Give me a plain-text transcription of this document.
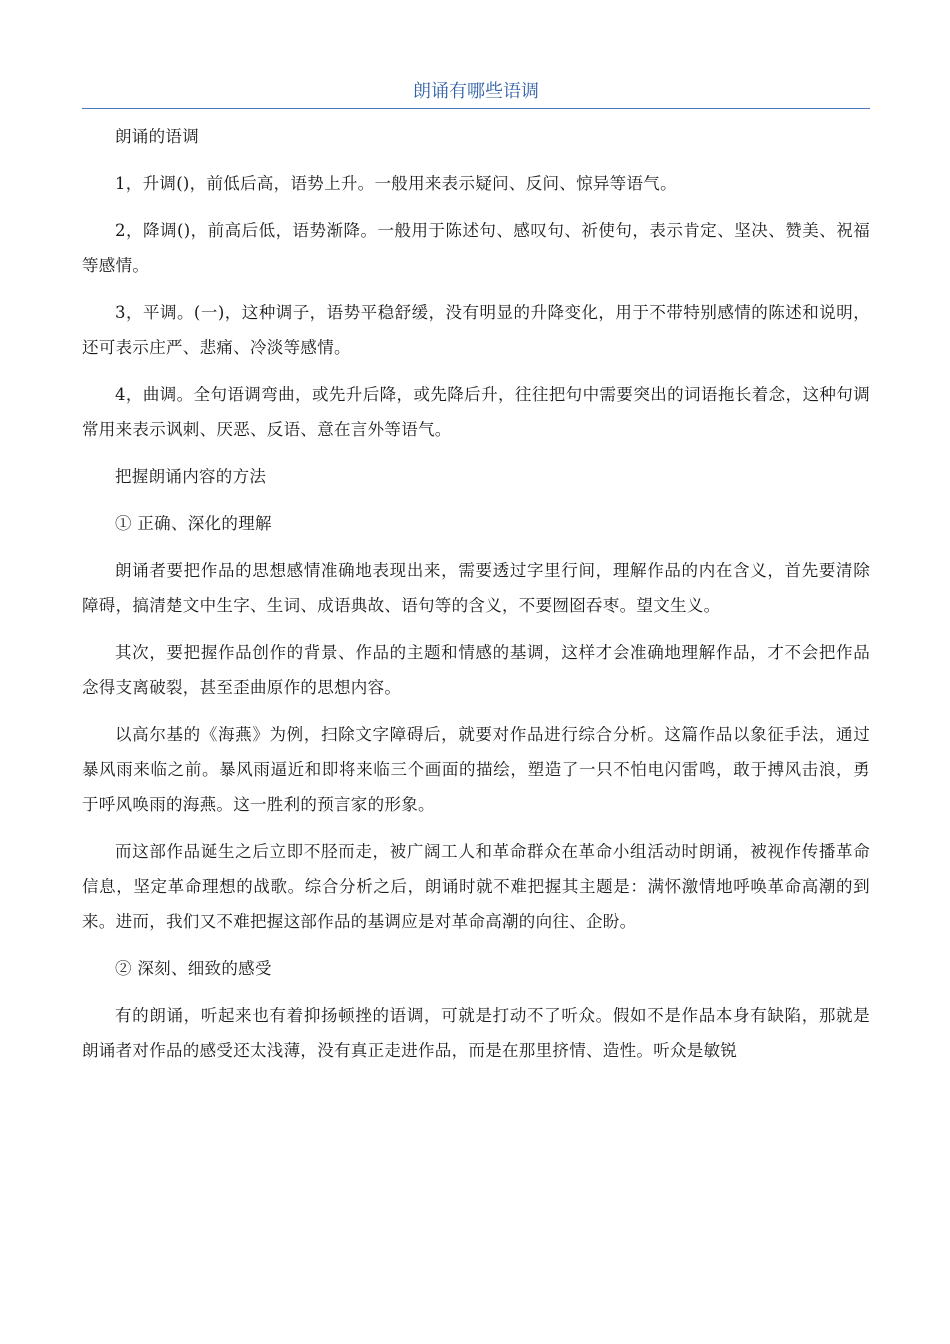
朗诵有哪些语调

朗诵的语调

1，升调()，前低后高，语势上升。一般用来表示疑问、反问、惊异等语气。

2，降调()，前高后低，语势渐降。一般用于陈述句、感叹句、祈使句，表示肯定、坚决、赞美、祝福等感情。

3，平调。(一)，这种调子，语势平稳舒缓，没有明显的升降变化，用于不带特别感情的陈述和说明，还可表示庄严、悲痛、冷淡等感情。

4，曲调。全句语调弯曲，或先升后降，或先降后升，往往把句中需要突出的词语拖长着念，这种句调常用来表示讽刺、厌恶、反语、意在言外等语气。

把握朗诵内容的方法

① 正确、深化的理解

朗诵者要把作品的思想感情准确地表现出来，需要透过字里行间，理解作品的内在含义，首先要清除障碍，搞清楚文中生字、生词、成语典故、语句等的含义，不要囫囵吞枣。望文生义。

其次，要把握作品创作的背景、作品的主题和情感的基调，这样才会准确地理解作品，才不会把作品念得支离破裂，甚至歪曲原作的思想内容。

以高尔基的《海燕》为例，扫除文字障碍后，就要对作品进行综合分析。这篇作品以象征手法，通过暴风雨来临之前。暴风雨逼近和即将来临三个画面的描绘，塑造了一只不怕电闪雷鸣，敢于搏风击浪，勇于呼风唤雨的海燕。这一胜利的预言家的形象。

而这部作品诞生之后立即不胫而走，被广阔工人和革命群众在革命小组活动时朗诵，被视作传播革命信息，坚定革命理想的战歌。综合分析之后，朗诵时就不难把握其主题是：满怀激情地呼唤革命高潮的到来。进而，我们又不难把握这部作品的基调应是对革命高潮的向往、企盼。

② 深刻、细致的感受

有的朗诵，听起来也有着抑扬顿挫的语调，可就是打动不了听众。假如不是作品本身有缺陷，那就是朗诵者对作品的感受还太浅薄，没有真正走进作品，而是在那里挤情、造性。听众是敏锐
